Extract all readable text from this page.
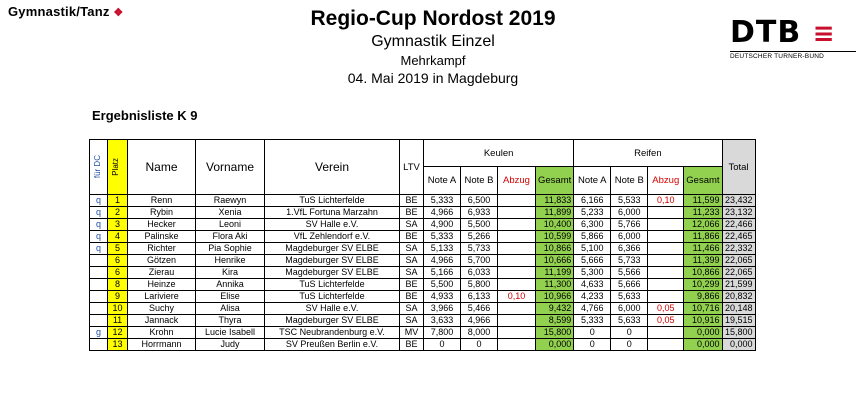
Gymnastik/Tanz ❖	Regio-Cup Nordost 2019
Gymnastik Einzel
Mehrkampf
04. Mai 2019 in Magdeburg
DTB ≡
DEUTSCHER TURNER-BUND
Ergebnisliste K 9
für DC	Platz	Name	Vorname	Verein	LTV	Keulen				Reifen				Total
						Note A	Note B	Abzug	Gesamt	Note A	Note B	Abzug	Gesamt	
q	1	Renn	Raewyn	TuS Lichterfelde	BE	5,333	6,500		11,833	6,166	5,533	0,10	11,599	23,432
q	2	Rybin	Xenia	1.VfL Fortuna Marzahn	BE	4,966	6,933		11,899	5,233	6,000		11,233	23,132
q	3	Hecker	Leoni	SV Halle e.V.	SA	4,900	5,500		10,400	6,300	5,766		12,066	22,466
q	4	Palinske	Flora Aki	VfL Zehlendorf e.V.	BE	5,333	5,266		10,599	5,866	6,000		11,866	22,465
q	5	Richter	Pia Sophie	Magdeburger SV ELBE	SA	5,133	5,733		10,866	5,100	6,366		11,466	22,332
	6	Götzen	Henrike	Magdeburger SV ELBE	SA	4,966	5,700		10,666	5,666	5,733		11,399	22,065
	6	Zierau	Kira	Magdeburger SV ELBE	SA	5,166	6,033		11,199	5,300	5,566		10,866	22,065
	8	Heinze	Annika	TuS Lichterfelde	BE	5,500	5,800		11,300	4,633	5,666		10,299	21,599
	9	Lariviere	Elise	TuS Lichterfelde	BE	4,933	6,133	0,10	10,966	4,233	5,633		9,866	20,832
	10	Suchy	Alisa	SV Halle e.V.	SA	3,966	5,466		9,432	4,766	6,000	0,05	10,716	20,148
	11	Jannack	Thyra	Magdeburger SV ELBE	SA	3,633	4,966		8,599	5,333	5,633	0,05	10,916	19,515
g	12	Krohn	Lucie Isabell	TSC Neubrandenburg e.V.	MV	7,800	8,000		15,800	0	0		0,000	15,800
	13	Horrmann	Judy	SV Preußen Berlin e.V.	BE	0	0		0,000	0	0		0,000	0,000
